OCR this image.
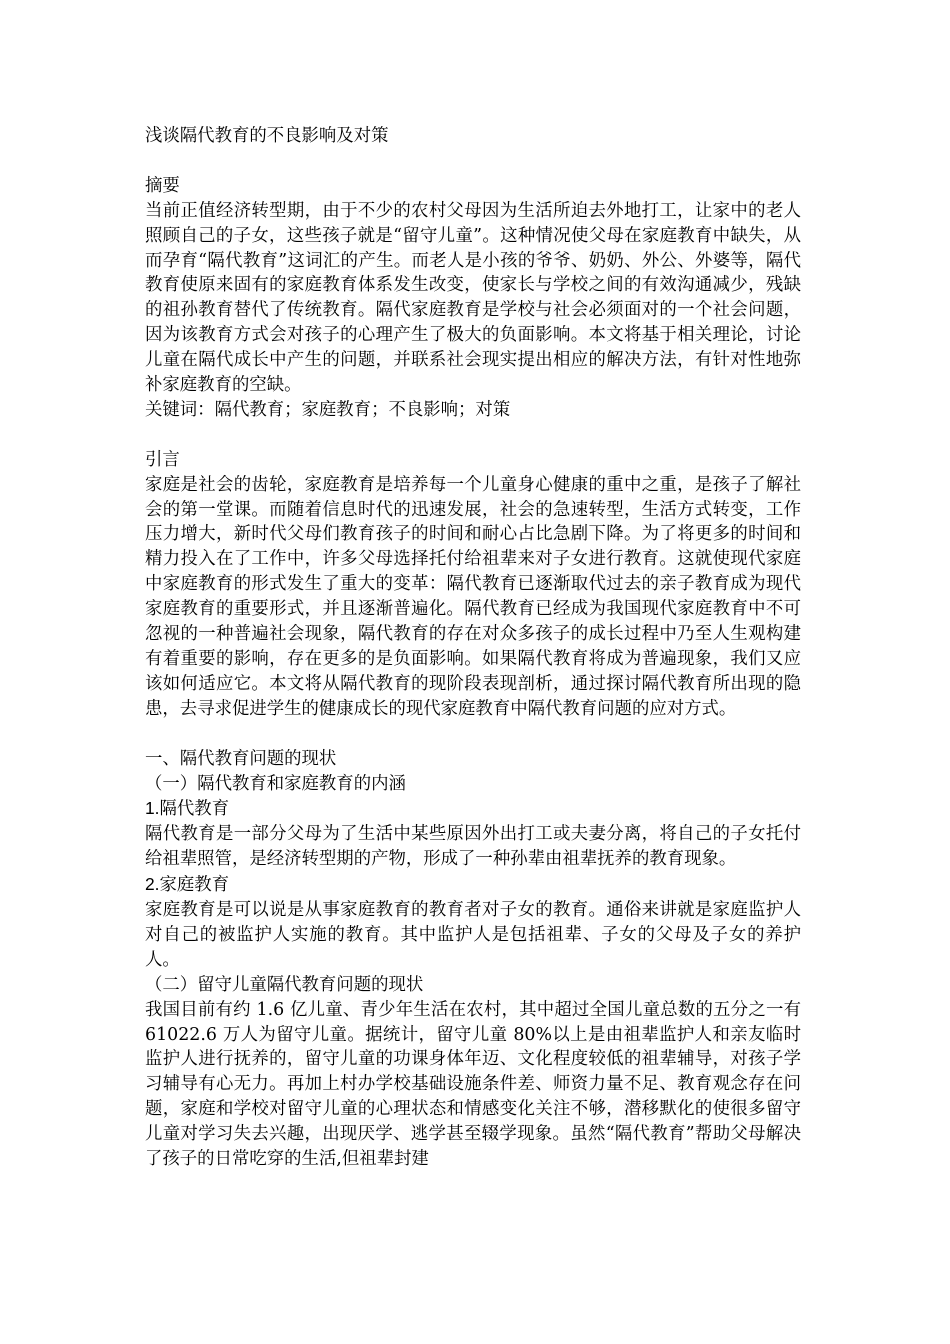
浅谈隔代教育的不良影响及对策

摘要

当前正值经济转型期，由于不少的农村父母因为生活所迫去外地打工，让家中的老人照顾自己的子女，这些孩子就是“留守儿童”。这种情况使父母在家庭教育中缺失，从而孕育“隔代教育”这词汇的产生。而老人是小孩的爷爷、奶奶、外公、外婆等，隔代教育使原来固有的家庭教育体系发生改变，使家长与学校之间的有效沟通减少，残缺的祖孙教育替代了传统教育。隔代家庭教育是学校与社会必须面对的一个社会问题，因为该教育方式会对孩子的心理产生了极大的负面影响。本文将基于相关理论，讨论儿童在隔代成长中产生的问题，并联系社会现实提出相应的解决方法，有针对性地弥补家庭教育的空缺。

关键词：隔代教育；家庭教育；不良影响；对策

引言

家庭是社会的齿轮，家庭教育是培养每一个儿童身心健康的重中之重，是孩子了解社会的第一堂课。而随着信息时代的迅速发展，社会的急速转型，生活方式转变，工作压力增大，新时代父母们教育孩子的时间和耐心占比急剧下降。为了将更多的时间和精力投入在了工作中，许多父母选择托付给祖辈来对子女进行教育。这就使现代家庭中家庭教育的形式发生了重大的变革：隔代教育已逐渐取代过去的亲子教育成为现代家庭教育的重要形式，并且逐渐普遍化。隔代教育已经成为我国现代家庭教育中不可忽视的一种普遍社会现象，隔代教育的存在对众多孩子的成长过程中乃至人生观构建有着重要的影响，存在更多的是负面影响。如果隔代教育将成为普遍现象，我们又应该如何适应它。本文将从隔代教育的现阶段表现剖析，通过探讨隔代教育所出现的隐患，去寻求促进学生的健康成长的现代家庭教育中隔代教育问题的应对方式。

一、隔代教育问题的现状

（一）隔代教育和家庭教育的内涵

1.隔代教育

隔代教育是一部分父母为了生活中某些原因外出打工或夫妻分离，将自己的子女托付给祖辈照管，是经济转型期的产物，形成了一种孙辈由祖辈抚养的教育现象。

2.家庭教育

家庭教育是可以说是从事家庭教育的教育者对子女的教育。通俗来讲就是家庭监护人对自己的被监护人实施的教育。其中监护人是包括祖辈、子女的父母及子女的养护人。

（二）留守儿童隔代教育问题的现状

我国目前有约 1.6 亿儿童、青少年生活在农村，其中超过全国儿童总数的五分之一有 61022.6 万人为留守儿童。据统计，留守儿童 80%以上是由祖辈监护人和亲友临时监护人进行抚养的，留守儿童的功课身体年迈、文化程度较低的祖辈辅导，对孩子学习辅导有心无力。再加上村办学校基础设施条件差、师资力量不足、教育观念存在问题，家庭和学校对留守儿童的心理状态和情感变化关注不够，潜移默化的使很多留守儿童对学习失去兴趣，出现厌学、逃学甚至辍学现象。虽然“隔代教育”帮助父母解决了孩子的日常吃穿的生活,但祖辈封建
